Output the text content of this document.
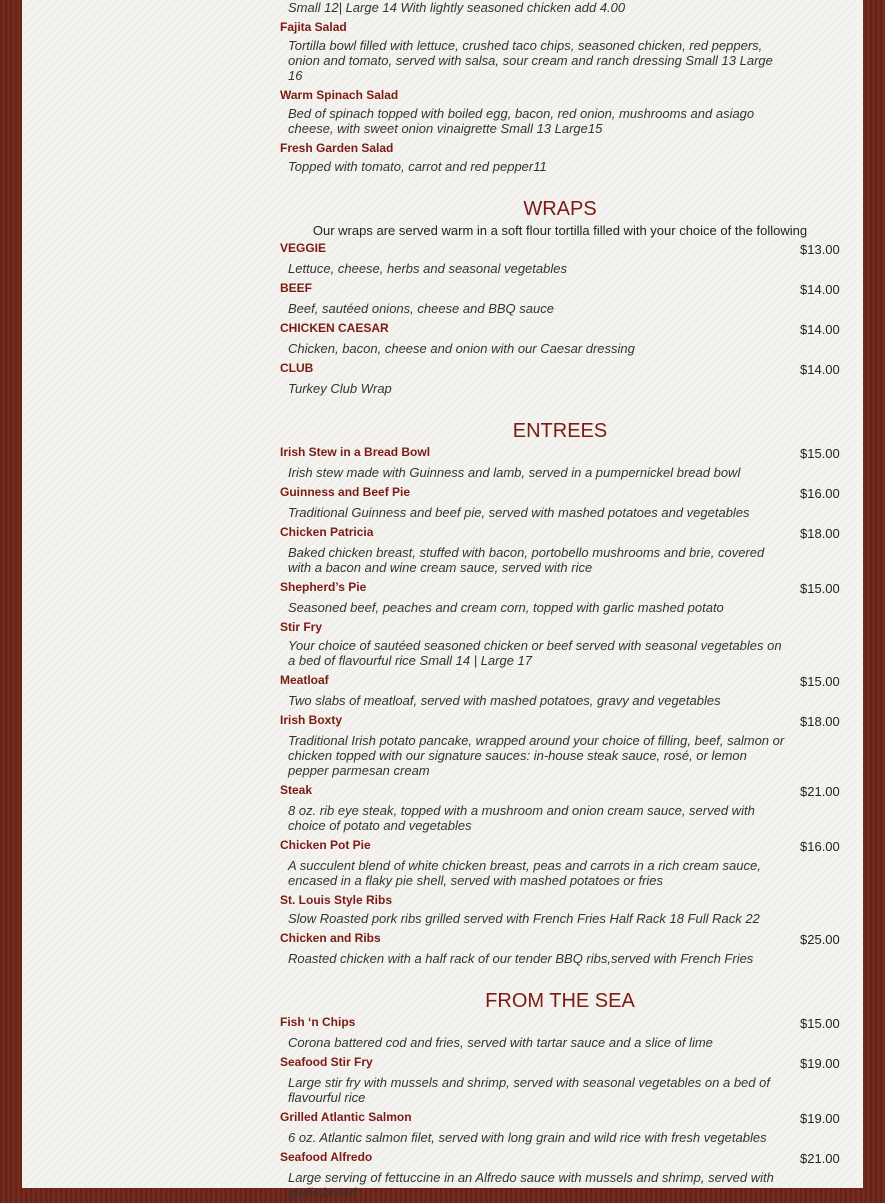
Small 12| Large 14 With lightly seasoned chicken add 4.00
Fajita Salad
Tortilla bowl filled with lettuce, crushed taco chips, seasoned chicken, red peppers, onion and tomato, served with salsa, sour cream and ranch dressing Small 13 Large 16
Warm Spinach Salad
Bed of spinach topped with boiled egg, bacon, red onion, mushrooms and asiago cheese, with sweet onion vinaigrette Small 13 Large15
Fresh Garden Salad
Topped with tomato, carrot and red pepper11
WRAPS
Our wraps are served warm in a soft flour tortilla filled with your choice of the following
VEGGIE	$13.00
Lettuce, cheese, herbs and seasonal vegetables
BEEF	$14.00
Beef, sautéed onions, cheese and BBQ sauce
CHICKEN CAESAR	$14.00
Chicken, bacon, cheese and onion with our Caesar dressing
CLUB	$14.00
Turkey Club Wrap
ENTREES
Irish Stew in a Bread Bowl	$15.00
Irish stew made with Guinness and lamb, served in a pumpernickel bread bowl
Guinness and Beef Pie	$16.00
Traditional Guinness and beef pie, served with mashed potatoes and vegetables
Chicken Patricia	$18.00
Baked chicken breast, stuffed with bacon, portobello mushrooms and brie, covered with a bacon and wine cream sauce, served with rice
Shepherd’s Pie	$15.00
Seasoned beef, peaches and cream corn, topped with garlic mashed potato
Stir Fry
Your choice of sautéed seasoned chicken or beef served with seasonal vegetables on a bed of flavourful rice Small 14 | Large 17
Meatloaf	$15.00
Two slabs of meatloaf, served with mashed potatoes, gravy and vegetables
Irish Boxty	$18.00
Traditional Irish potato pancake, wrapped around your choice of filling, beef, salmon or chicken topped with our signature sauces: in-house steak sauce, rosé, or lemon pepper parmesan cream
Steak	$21.00
8 oz. rib eye steak, topped with a mushroom and onion cream sauce, served with choice of potato and vegetables
Chicken Pot Pie	$16.00
A succulent blend of white chicken breast, peas and carrots in a rich cream sauce, encased in a flaky pie shell, served with mashed potatoes or fries
St. Louis Style Ribs
Slow Roasted pork ribs grilled served with French Fries Half Rack 18 Full Rack 22
Chicken and Ribs	$25.00
Roasted chicken with a half rack of our tender BBQ ribs,served with French Fries
FROM THE SEA
Fish ‘n Chips	$15.00
Corona battered cod and fries, served with tartar sauce and a slice of lime
Seafood Stir Fry	$19.00
Large stir fry with mussels and shrimp, served with seasonal vegetables on a bed of flavourful rice
Grilled Atlantic Salmon	$19.00
6 oz. Atlantic salmon filet, served with long grain and wild rice with fresh vegetables
Seafood Alfredo	$21.00
Large serving of fettuccine in an Alfredo sauce with mussels and shrimp, served with garlic bread
